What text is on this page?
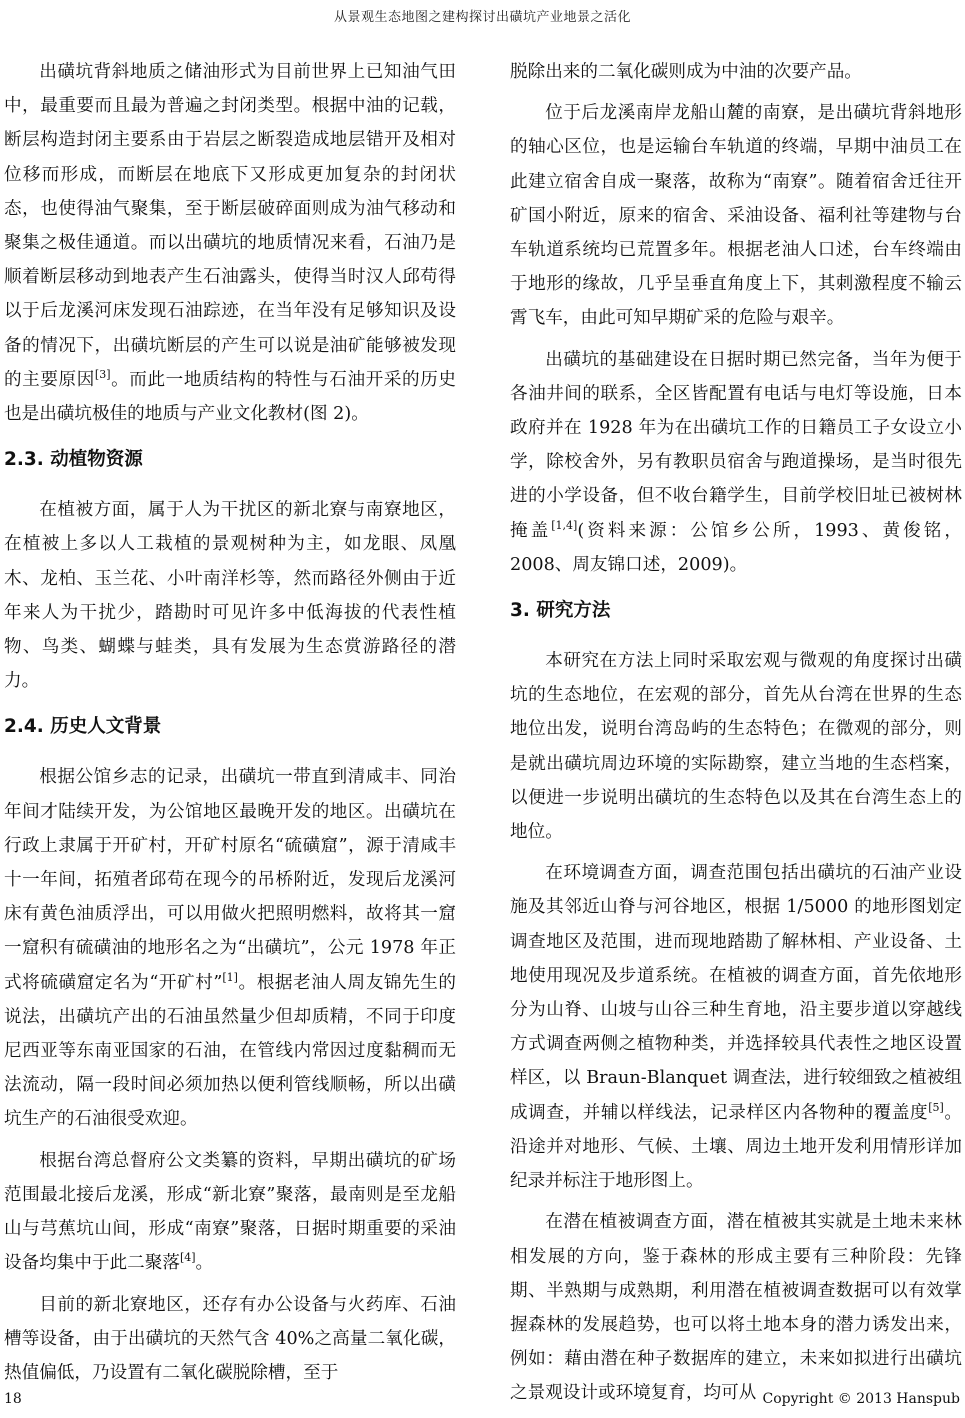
从景观生态地图之建构探讨出磺坑产业地景之活化

出磺坑背斜地质之储油形式为目前世界上已知油气田中，最重要而且最为普遍之封闭类型。根据中油的记载，断层构造封闭主要系由于岩层之断裂造成地层错开及相对位移而形成，而断层在地底下又形成更加复杂的封闭状态，也使得油气聚集，至于断层破碎面则成为油气移动和聚集之极佳通道。而以出磺坑的地质情况来看，石油乃是顺着断层移动到地表产生石油露头，使得当时汉人邱苟得以于后龙溪河床发现石油踪迹，在当年没有足够知识及设备的情况下，出磺坑断层的产生可以说是油矿能够被发现的主要原因[3]。而此一地质结构的特性与石油开采的历史也是出磺坑极佳的地质与产业文化教材(图 2)。

2.3. 动植物资源

在植被方面，属于人为干扰区的新北寮与南寮地区，在植被上多以人工栽植的景观树种为主，如龙眼、凤凰木、龙柏、玉兰花、小叶南洋杉等，然而路径外侧由于近年来人为干扰少，踏勘时可见许多中低海拔的代表性植物、鸟类、蝴蝶与蛙类，具有发展为生态赏游路径的潜力。

2.4. 历史人文背景

根据公馆乡志的记录，出磺坑一带直到清咸丰、同治年间才陆续开发，为公馆地区最晚开发的地区。出磺坑在行政上隶属于开矿村，开矿村原名“硫磺窟”，源于清咸丰十一年间，拓殖者邱苟在现今的吊桥附近，发现后龙溪河床有黄色油质浮出，可以用做火把照明燃料，故将其一窟一窟积有硫磺油的地形名之为“出磺坑”，公元 1978 年正式将硫磺窟定名为“开矿村”[1]。根据老油人周友锦先生的说法，出磺坑产出的石油虽然量少但却质精，不同于印度尼西亚等东南亚国家的石油，在管线内常因过度黏稠而无法流动，隔一段时间必须加热以便利管线顺畅，所以出磺坑生产的石油很受欢迎。

根据台湾总督府公文类纂的资料，早期出磺坑的矿场范围最北接后龙溪，形成“新北寮”聚落，最南则是至龙船山与芎蕉坑山间，形成“南寮”聚落，日据时期重要的采油设备均集中于此二聚落[4]。

目前的新北寮地区，还存有办公设备与火药库、石油槽等设备，由于出磺坑的天然气含 40%之高量二氧化碳，热值偏低，乃设置有二氧化碳脱除槽，至于

脱除出来的二氧化碳则成为中油的次要产品。

位于后龙溪南岸龙船山麓的南寮，是出磺坑背斜地形的轴心区位，也是运输台车轨道的终端，早期中油员工在此建立宿舍自成一聚落，故称为“南寮”。随着宿舍迁往开矿国小附近，原来的宿舍、采油设备、福利社等建物与台车轨道系统均已荒置多年。根据老油人口述，台车终端由于地形的缘故，几乎呈垂直角度上下，其刺激程度不输云霄飞车，由此可知早期矿采的危险与艰辛。

出磺坑的基础建设在日据时期已然完备，当年为便于各油井间的联系，全区皆配置有电话与电灯等设施，日本政府并在 1928 年为在出磺坑工作的日籍员工子女设立小学，除校舍外，另有教职员宿舍与跑道操场，是当时很先进的小学设备，但不收台籍学生，目前学校旧址已被树林掩盖[1,4](资料来源：公馆乡公所，1993、黄俊铭，2008、周友锦口述，2009)。

3. 研究方法

本研究在方法上同时采取宏观与微观的角度探讨出磺坑的生态地位，在宏观的部分，首先从台湾在世界的生态地位出发，说明台湾岛屿的生态特色；在微观的部分，则是就出磺坑周边环境的实际勘察，建立当地的生态档案，以便进一步说明出磺坑的生态特色以及其在台湾生态上的地位。

在环境调查方面，调查范围包括出磺坑的石油产业设施及其邻近山脊与河谷地区，根据 1/5000 的地形图划定调查地区及范围，进而现地踏勘了解林相、产业设备、土地使用现况及步道系统。在植被的调查方面，首先依地形分为山脊、山坡与山谷三种生育地，沿主要步道以穿越线方式调查两侧之植物种类，并选择较具代表性之地区设置样区，以 Braun-Blanquet 调查法，进行较细致之植被组成调查，并辅以样线法，记录样区内各物种的覆盖度[5]。沿途并对地形、气候、土壤、周边土地开发利用情形详加纪录并标注于地形图上。

在潜在植被调查方面，潜在植被其实就是土地未来林相发展的方向，鉴于森林的形成主要有三种阶段：先锋期、半熟期与成熟期，利用潜在植被调查数据可以有效掌握森林的发展趋势，也可以将土地本身的潜力诱发出来，例如：藉由潜在种子数据库的建立，未来如拟进行出磺坑之景观设计或环境复育，均可从

18	Copyright © 2013 Hanspub
